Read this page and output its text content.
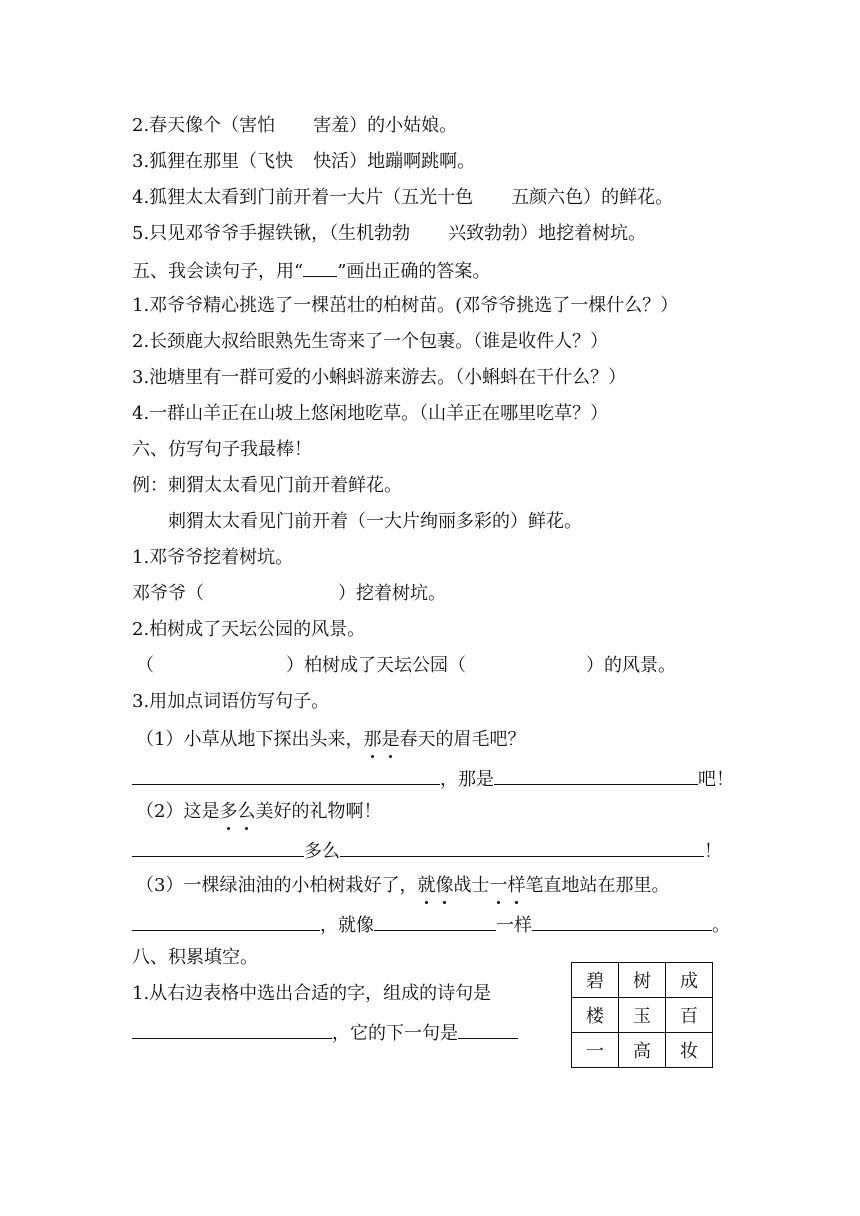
2.春天像个（害怕 害羞）的小姑娘。
3.狐狸在那里（飞快 快活）地蹦啊跳啊。
4.狐狸太太看到门前开着一大片（五光十色 五颜六色）的鲜花。
5.只见邓爷爷手握铁锹，（生机勃勃 兴致勃勃）地挖着树坑。
五、我会读句子，用“ ”画出正确的答案。
1.邓爷爷精心挑选了一棵茁壮的柏树苗。(邓爷爷挑选了一棵什么？）
2.长颈鹿大叔给眼熟先生寄来了一个包裹。（谁是收件人？）
3.池塘里有一群可爱的小蝌蚪游来游去。（小蝌蚪在干什么？）
4.一群山羊正在山坡上悠闲地吃草。（山羊正在哪里吃草？）
六、仿写句子我最棒！
例：刺猬太太看见门前开着鲜花。
刺猬太太看见门前开着（一大片绚丽多彩的）鲜花。
1.邓爷爷挖着树坑。
邓爷爷（	）挖着树坑。
2.柏树成了天坛公园的风景。
（	）柏树成了天坛公园（	）的风景。
3.用加点词语仿写句子。
（1）小草从地下探出头来，那是春天的眉毛吧？
，那是	吧！
（2）这是多么美好的礼物啊！
多么	！
（3）一棵绿油油的小柏树栽好了，就像战士一样笔直地站在那里。
，就像	一样	。
八、积累填空。
1.从右边表格中选出合适的字，组成的诗句是
，它的下一句是
碧	树	成
楼	玉	百
一	高	妆
